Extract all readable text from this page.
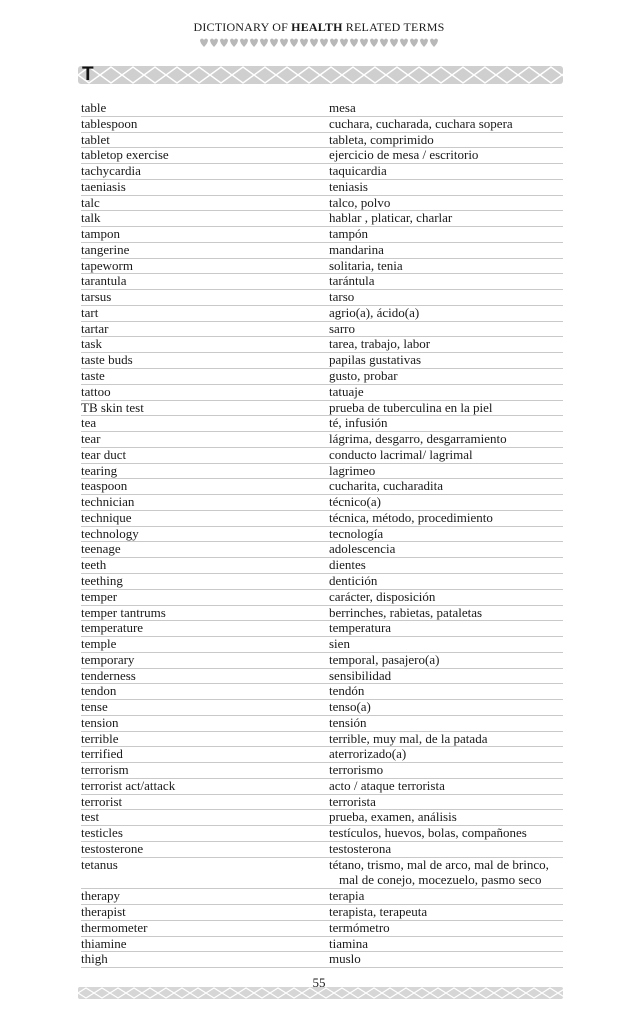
DICTIONARY OF HEALTH RELATED TERMS
T
table	mesa
tablespoon	cuchara, cucharada, cuchara sopera
tablet	tableta, comprimido
tabletop exercise	ejercicio de mesa / escritorio
tachycardia	taquicardia
taeniasis	teniasis
talc	talco, polvo
talk	hablar , platicar, charlar
tampon	tampón
tangerine	mandarina
tapeworm	solitaria, tenia
tarantula	tarántula
tarsus	tarso
tart	agrio(a), ácido(a)
tartar	sarro
task	tarea, trabajo, labor
taste buds	papilas gustativas
taste	gusto, probar
tattoo	tatuaje
TB skin test	prueba de tuberculina en la piel
tea	té, infusión
tear	lágrima, desgarro, desgarramiento
tear duct	conducto lacrimal/ lagrimal
tearing	lagrimeo
teaspoon	cucharita, cucharadita
technician	técnico(a)
technique	técnica, método, procedimiento
technology	tecnología
teenage	adolescencia
teeth	dientes
teething	dentición
temper	carácter, disposición
temper tantrums	berrinches, rabietas, pataletas
temperature	temperatura
temple	sien
temporary	temporal, pasajero(a)
tenderness	sensibilidad
tendon	tendón
tense	tenso(a)
tension	tensión
terrible	terrible, muy mal, de la patada
terrified	aterrorizado(a)
terrorism	terrorismo
terrorist act/attack	acto / ataque terrorista
terrorist	terrorista
test	prueba, examen, análisis
testicles	testículos, huevos, bolas, compañones
testosterone	testosterona
tetanus	tétano, trismo, mal de arco, mal de brinco,
mal de conejo, mocezuelo, pasmo seco
therapy	terapia
therapist	terapista, terapeuta
thermometer	termómetro
thiamine	tiamina
thigh	muslo
55
